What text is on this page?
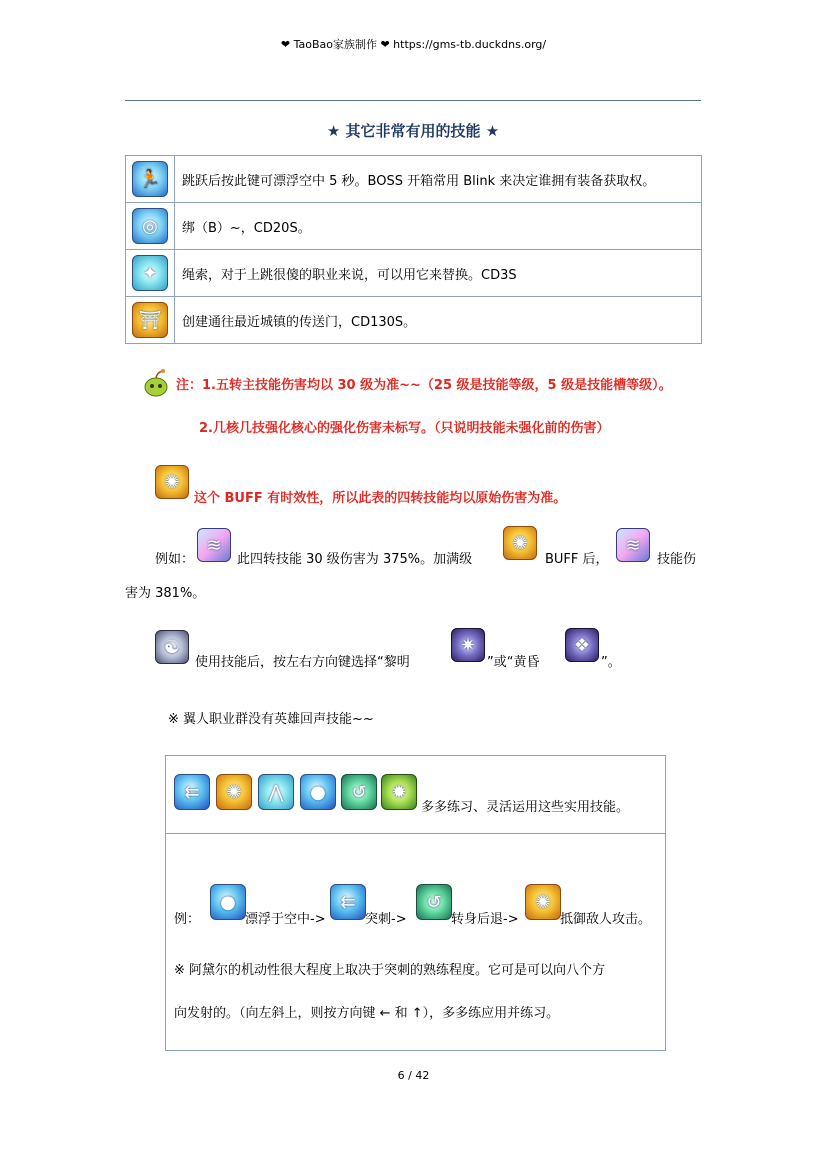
❤ TaoBao家族制作 ❤ https://gms-tb.duckdns.org/
★ 其它非常有用的技能 ★
🏃	跳跃后按此键可漂浮空中 5 秒。BOSS 开箱常用 Blink 来决定谁拥有装备获取权。

◎	绑（B）~，CD20S。

✦	绳索，对于上跳很傻的职业来说，可以用它来替换。CD3S

⛩	创建通往最近城镇的传送门，CD130S。
注：1.五转主技能伤害均以 30 级为准~~（25 级是技能等级，5 级是技能槽等级）。
2.几核几技强化核心的强化伤害未标写。（只说明技能未强化前的伤害）
✺
这个 BUFF 有时效性，所以此表的四转技能均以原始伤害为准。
例如：
≋
此四转技能 30 级伤害为 375%。加满级
✺
BUFF 后，
≋
技能伤
害为 381%。
☯
使用技能后，按左右方向键选择“黎明
✷
”或“黄昏
❖
”。
※ 翼人职业群没有英雄回声技能~~
⇇	✺	⋀	●	↺	✹
多多练习、灵活运用这些实用技能。

例：
●
漂浮于空中->
⇇
突刺->
↺
转身后退->
✺
抵御敌人攻击。
※ 阿黛尔的机动性很大程度上取决于突刺的熟练程度。它可是可以向八个方
向发射的。（向左斜上，则按方向键 ← 和 ↑），多多练应用并练习。
6 / 42
